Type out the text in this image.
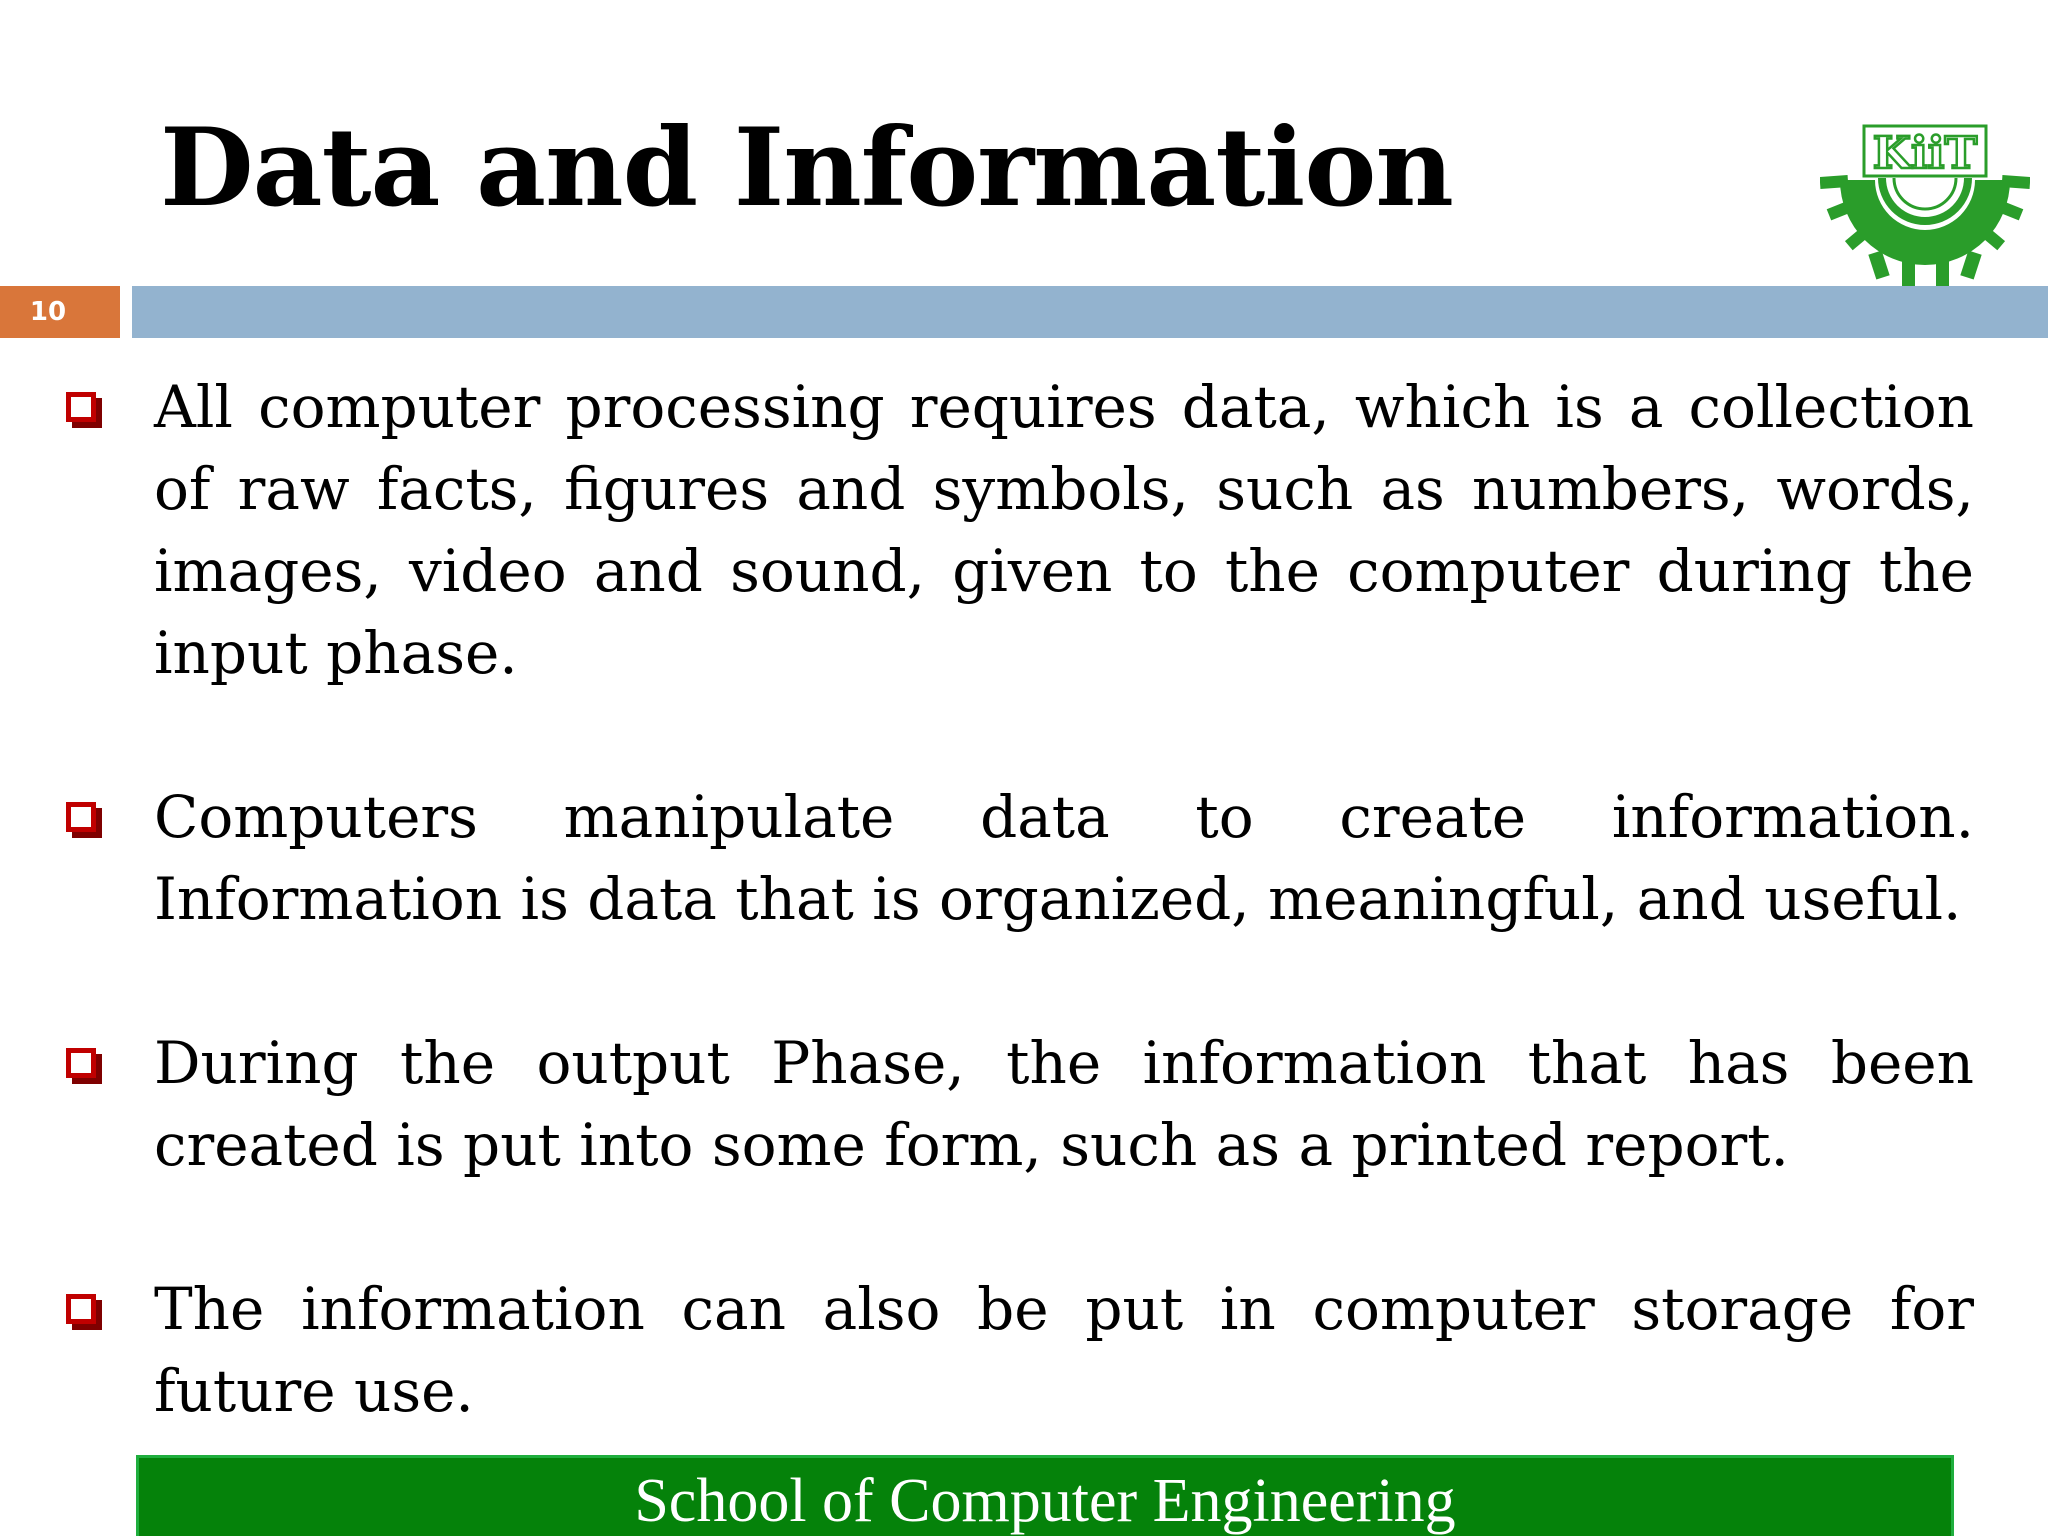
Data and Information	KiiT
10
All computer processing requires data, which is a collection of raw facts, figures and symbols, such as numbers, words, images, video and sound, given to the computer during the input phase.
Computers manipulate data to create information. Information is data that is organized, meaningful, and useful.
During the output Phase, the information that has been created is put into some form, such as a printed report.
The information can also be put in computer storage for future use.
School of Computer Engineering
